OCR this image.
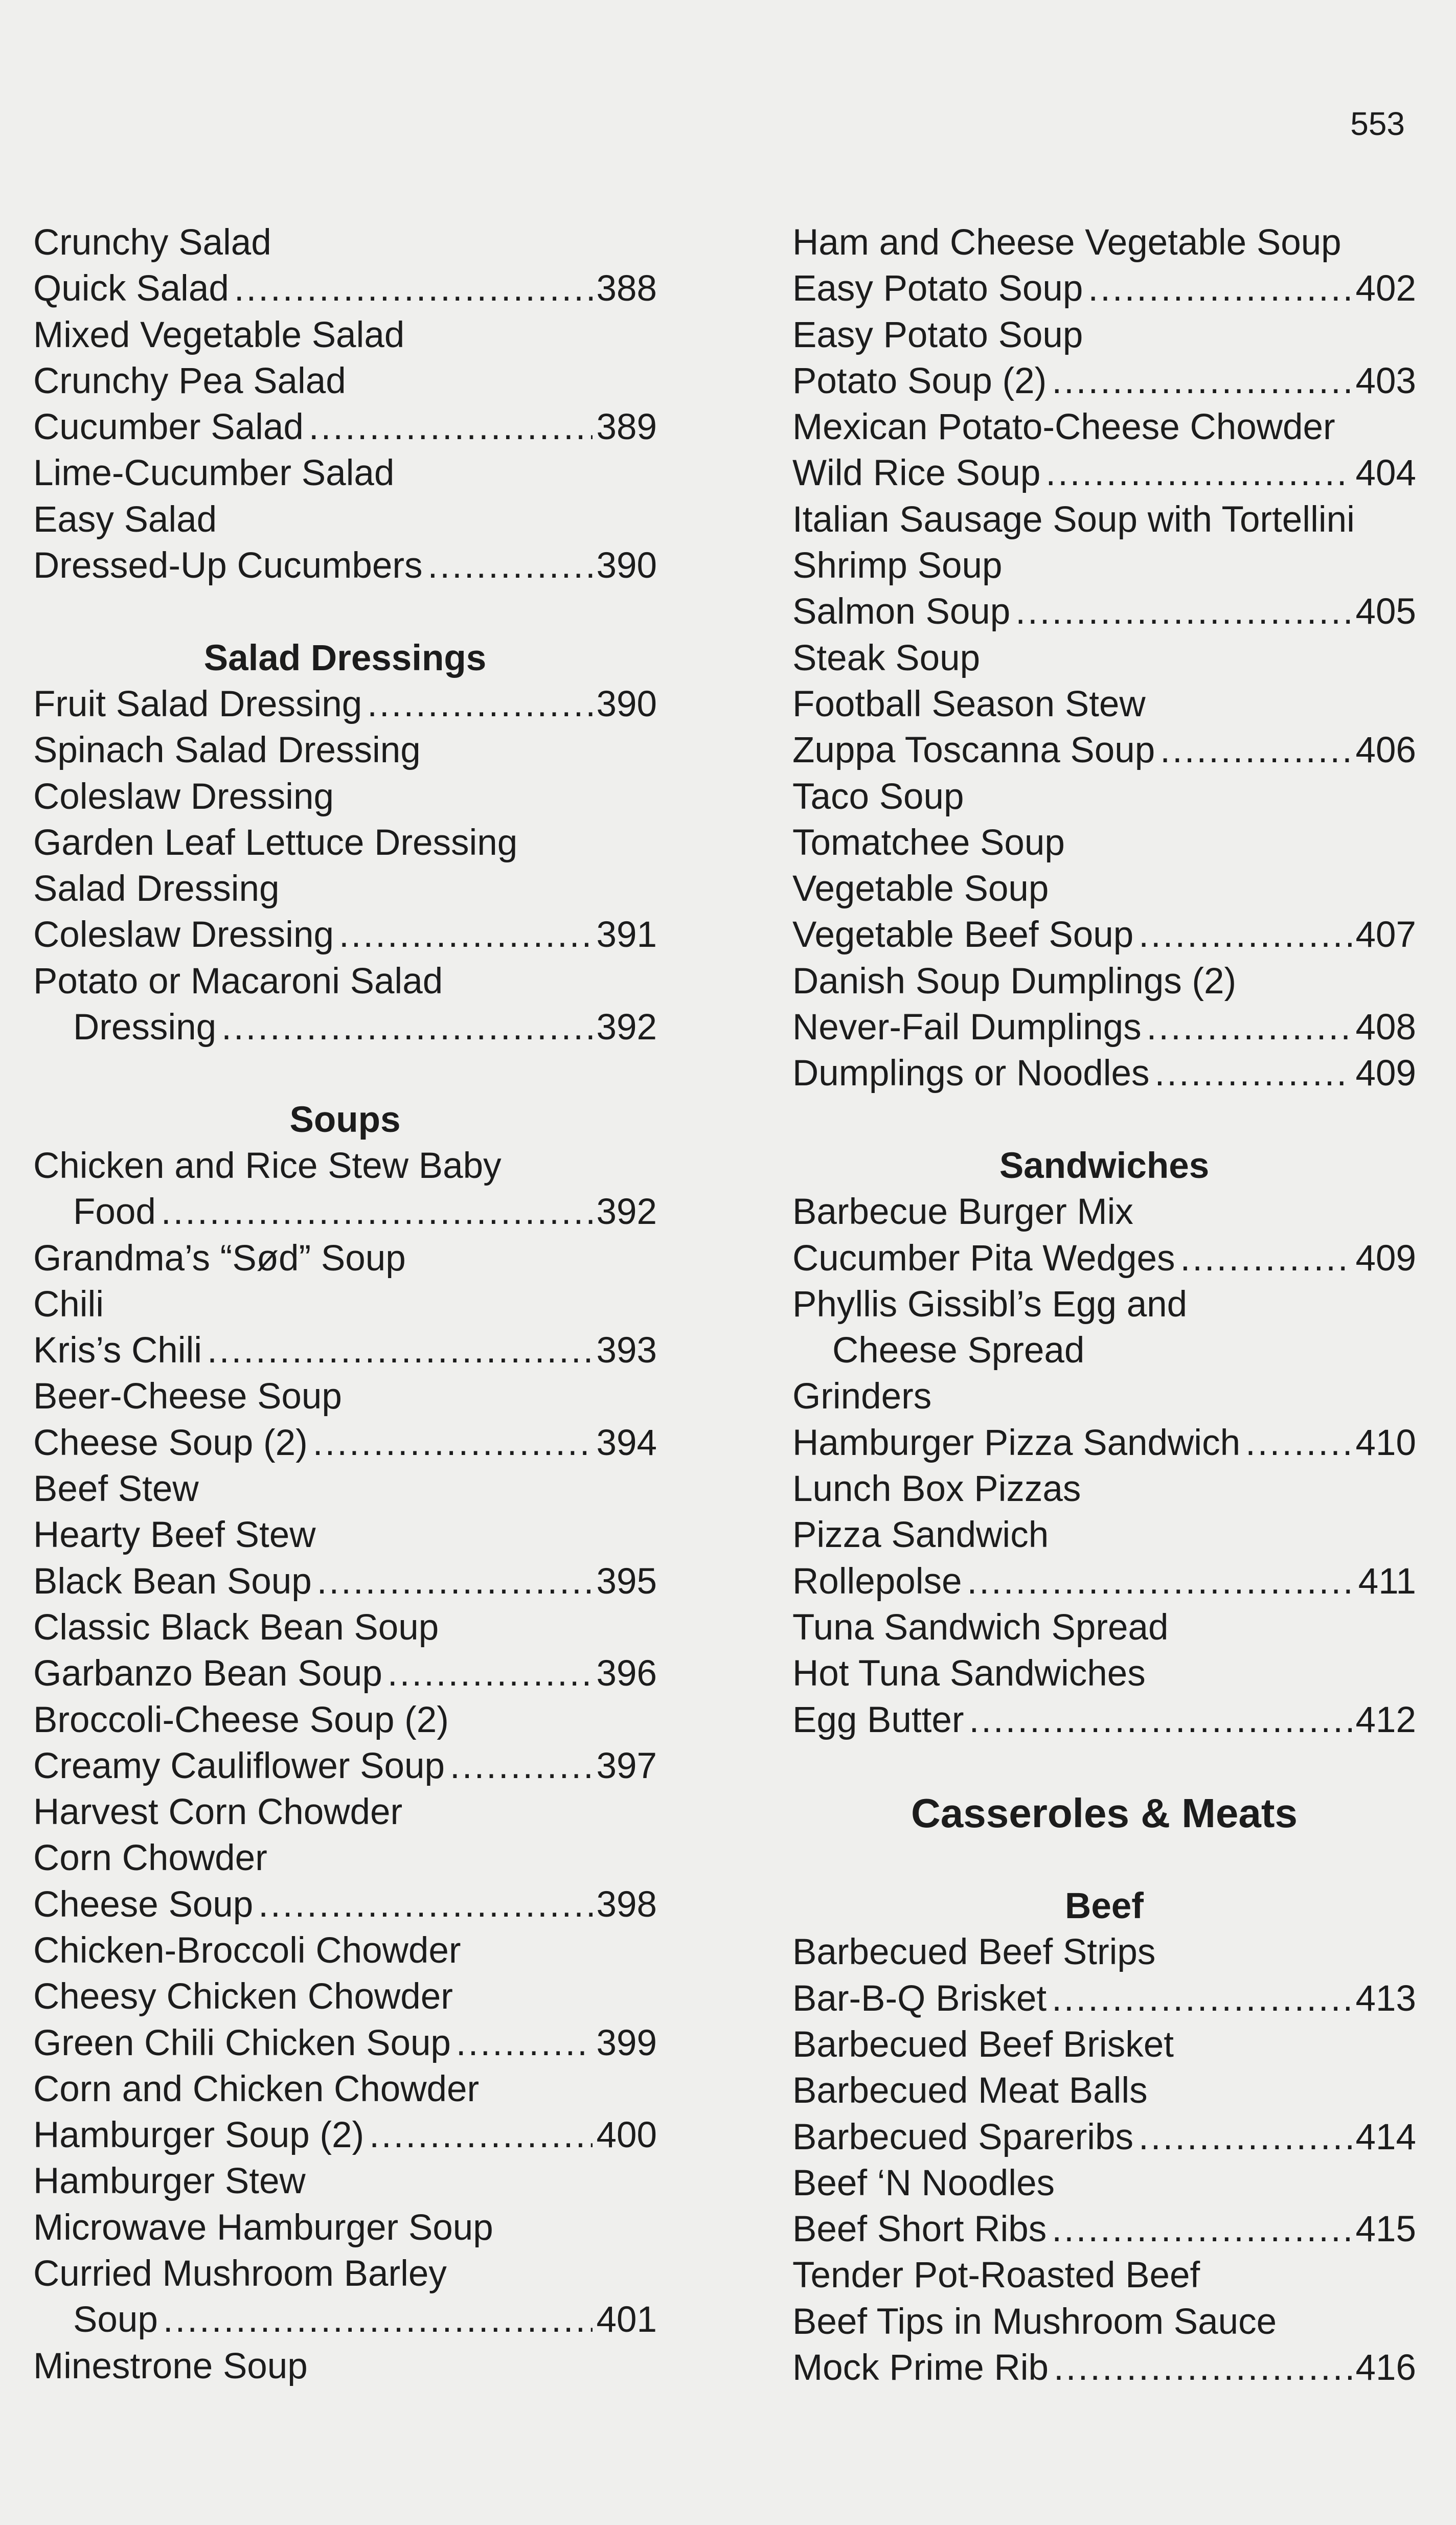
553
Crunchy Salad
Quick Salad .....	388
Mixed Vegetable Salad
Crunchy Pea Salad
Cucumber Salad .....	389
Lime-Cucumber Salad
Easy Salad
Dressed-Up Cucumbers .....	390
Salad Dressings
Fruit Salad Dressing .....	390
Spinach Salad Dressing
Coleslaw Dressing
Garden Leaf Lettuce Dressing
Salad Dressing
Coleslaw Dressing .....	391
Potato or Macaroni Salad
Dressing .....	392
Soups
Chicken and Rice Stew Baby
Food .....	392
Grandma’s “Sød” Soup
Chili
Kris’s Chili .....	393
Beer-Cheese Soup
Cheese Soup (2) .....	394
Beef Stew
Hearty Beef Stew
Black Bean Soup .....	395
Classic Black Bean Soup
Garbanzo Bean Soup .....	396
Broccoli-Cheese Soup (2)
Creamy Cauliflower Soup .....	397
Harvest Corn Chowder
Corn Chowder
Cheese Soup .....	398
Chicken-Broccoli Chowder
Cheesy Chicken Chowder
Green Chili Chicken Soup .....	399
Corn and Chicken Chowder
Hamburger Soup (2) .....	400
Hamburger Stew
Microwave Hamburger Soup
Curried Mushroom Barley
Soup .....	401
Minestrone Soup
Ham and Cheese Vegetable Soup
Easy Potato Soup .....	402
Easy Potato Soup
Potato Soup (2) .....	403
Mexican Potato-Cheese Chowder
Wild Rice Soup .....	404
Italian Sausage Soup with Tortellini
Shrimp Soup
Salmon Soup .....	405
Steak Soup
Football Season Stew
Zuppa Toscanna Soup .....	406
Taco Soup
Tomatchee Soup
Vegetable Soup
Vegetable Beef Soup .....	407
Danish Soup Dumplings (2)
Never-Fail Dumplings .....	408
Dumplings or Noodles .....	409
Sandwiches
Barbecue Burger Mix
Cucumber Pita Wedges .....	409
Phyllis Gissibl’s Egg and
Cheese Spread
Grinders
Hamburger Pizza Sandwich .....	410
Lunch Box Pizzas
Pizza Sandwich
Rollepolse .....	411
Tuna Sandwich Spread
Hot Tuna Sandwiches
Egg Butter .....	412
Casseroles & Meats
Beef
Barbecued Beef Strips
Bar-B-Q Brisket .....	413
Barbecued Beef Brisket
Barbecued Meat Balls
Barbecued Spareribs .....	414
Beef ‘N Noodles
Beef Short Ribs .....	415
Tender Pot-Roasted Beef
Beef Tips in Mushroom Sauce
Mock Prime Rib .....	416
